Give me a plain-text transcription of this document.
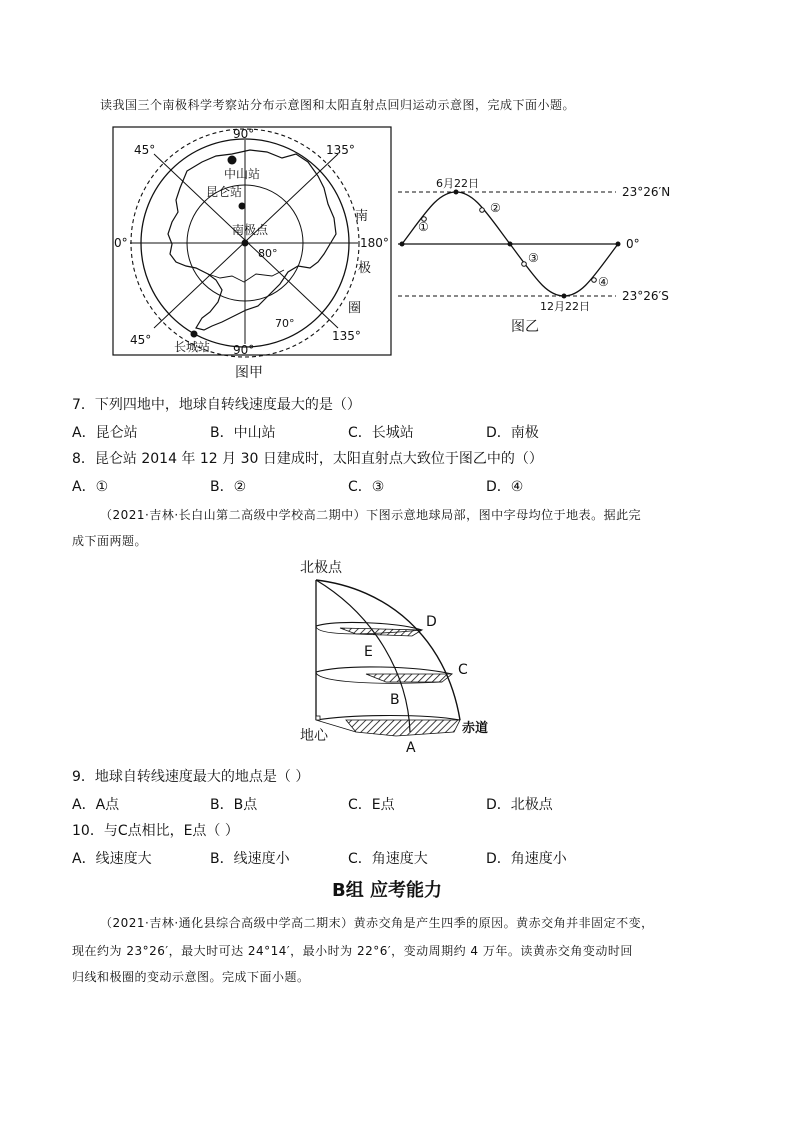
读我国三个南极科学考察站分布示意图和太阳直射点回归运动示意图，完成下面小题。
90°
90°
45°	135°
45°	135°
0°	180°
80°
70°
南
极
圈
中山站
昆仑站
南极点
长城站
图甲
6月22日
12月22日
①
②
③
④
23°26′N
23°26′S
0°
图乙
7．下列四地中，地球自转线速度最大的是（）
A．昆仑站	B．中山站	C．长城站	D．南极
8．昆仑站 2014 年 12 月 30 日建成时，太阳直射点大致位于图乙中的（）
A．①	B．②	C．③	D．④
（2021·吉林·长白山第二高级中学校高二期中）下图示意地球局部，图中字母均位于地表。据此完
成下面两题。
北极点
地心	赤道
D
E
C
B
A
9．地球自转线速度最大的地点是（ ）
A．A点	B．B点	C．E点	D．北极点
10．与C点相比，E点（ ）
A．线速度大	B．线速度小	C．角速度大	D．角速度小
B组 应考能力
（2021·吉林·通化县综合高级中学高二期末）黄赤交角是产生四季的原因。黄赤交角并非固定不变，
现在约为 23°26′，最大时可达 24°14′，最小时为 22°6′，变动周期约 4 万年。读黄赤交角变动时回
归线和极圈的变动示意图。完成下面小题。
